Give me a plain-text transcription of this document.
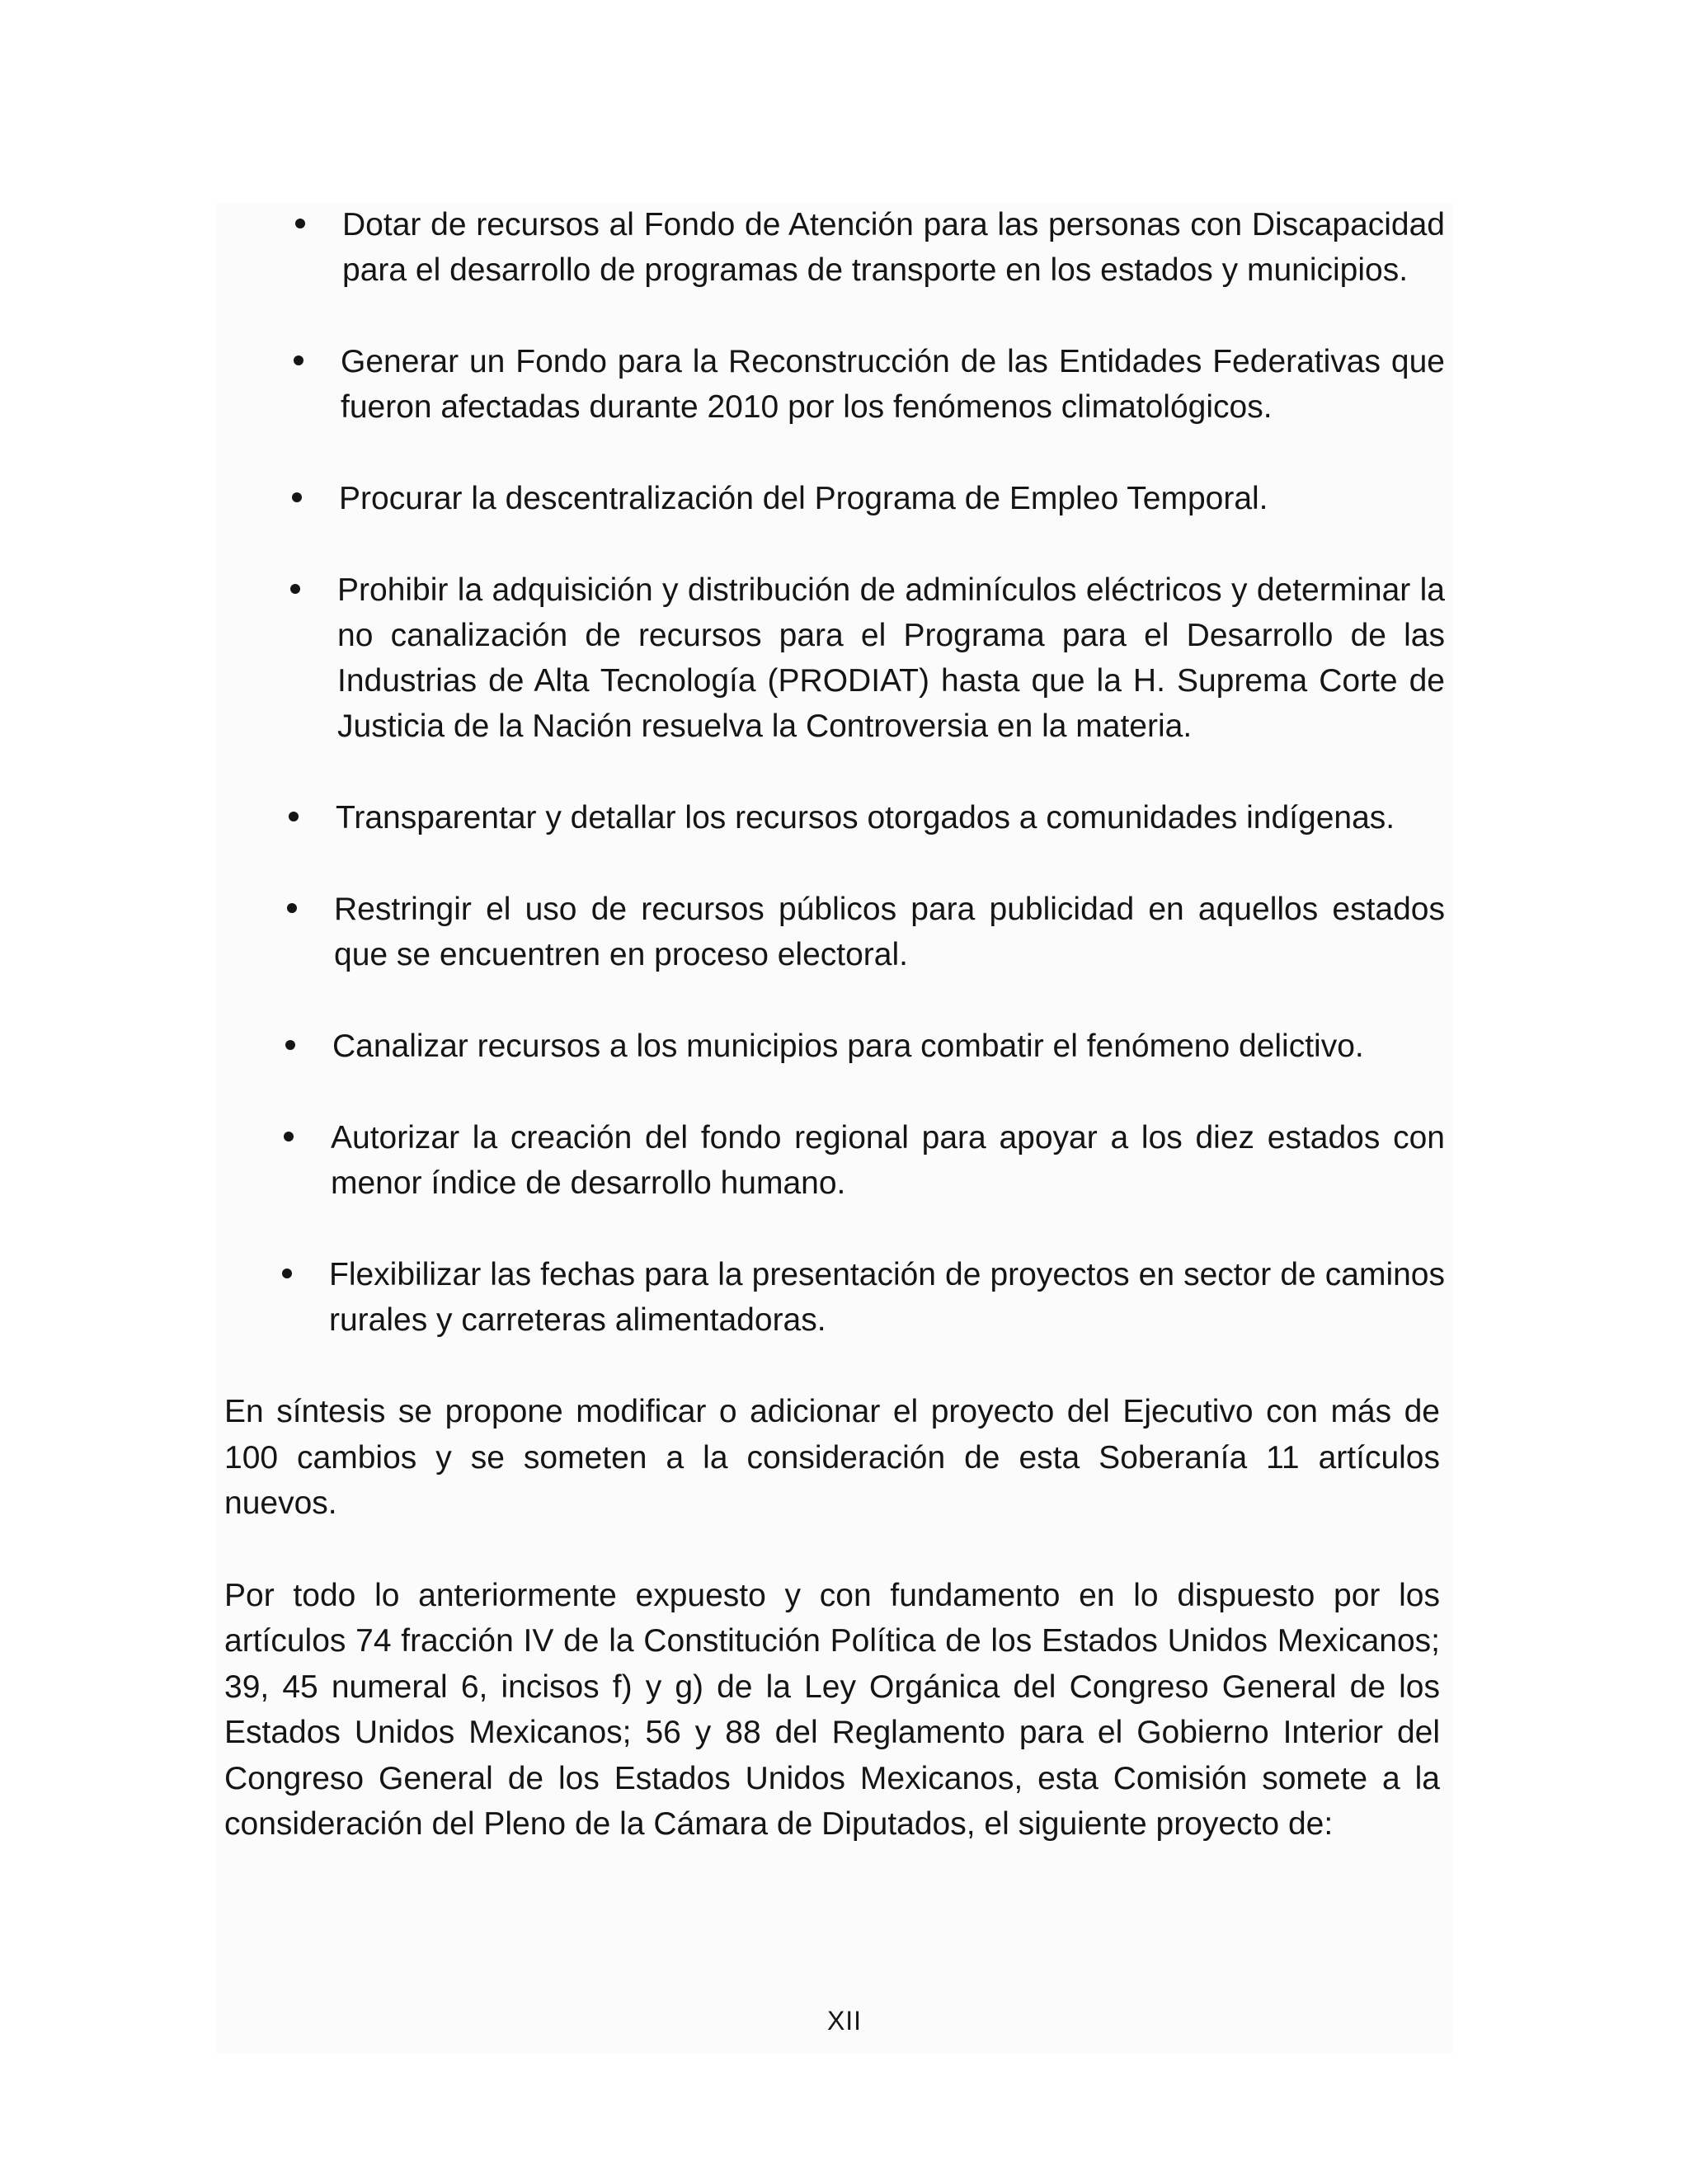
Dotar de recursos al Fondo de Atención para las personas con Discapacidad para el desarrollo de programas de transporte en los estados y municipios.
Generar un Fondo para la Reconstrucción de las Entidades Federativas que fueron afectadas durante 2010 por los fenómenos climatológicos.
Procurar la descentralización del Programa de Empleo Temporal.
Prohibir la adquisición y distribución de adminículos eléctricos y determinar la no canalización de recursos para el Programa para el Desarrollo de las Industrias de Alta Tecnología (PRODIAT) hasta que la H. Suprema Corte de Justicia de la Nación resuelva la Controversia en la materia.
Transparentar y detallar los recursos otorgados a comunidades indígenas.
Restringir el uso de recursos públicos para publicidad en aquellos estados que se encuentren en proceso electoral.
Canalizar recursos a los municipios para combatir el fenómeno delictivo.
Autorizar la creación del fondo regional para apoyar a los diez estados con menor índice de desarrollo humano.
Flexibilizar las fechas para la presentación de proyectos en sector de caminos rurales y carreteras alimentadoras.

En síntesis se propone modificar o adicionar el proyecto del Ejecutivo con más de 100 cambios y se someten a la consideración de esta Soberanía 11 artículos nuevos.

Por todo lo anteriormente expuesto y con fundamento en lo dispuesto por los artículos 74 fracción IV de la Constitución Política de los Estados Unidos Mexicanos; 39, 45 numeral 6, incisos f) y g) de la Ley Orgánica del Congreso General de los Estados Unidos Mexicanos; 56 y 88 del Reglamento para el Gobierno Interior del Congreso General de los Estados Unidos Mexicanos, esta Comisión somete a la consideración del Pleno de la Cámara de Diputados, el siguiente proyecto de:

XII
